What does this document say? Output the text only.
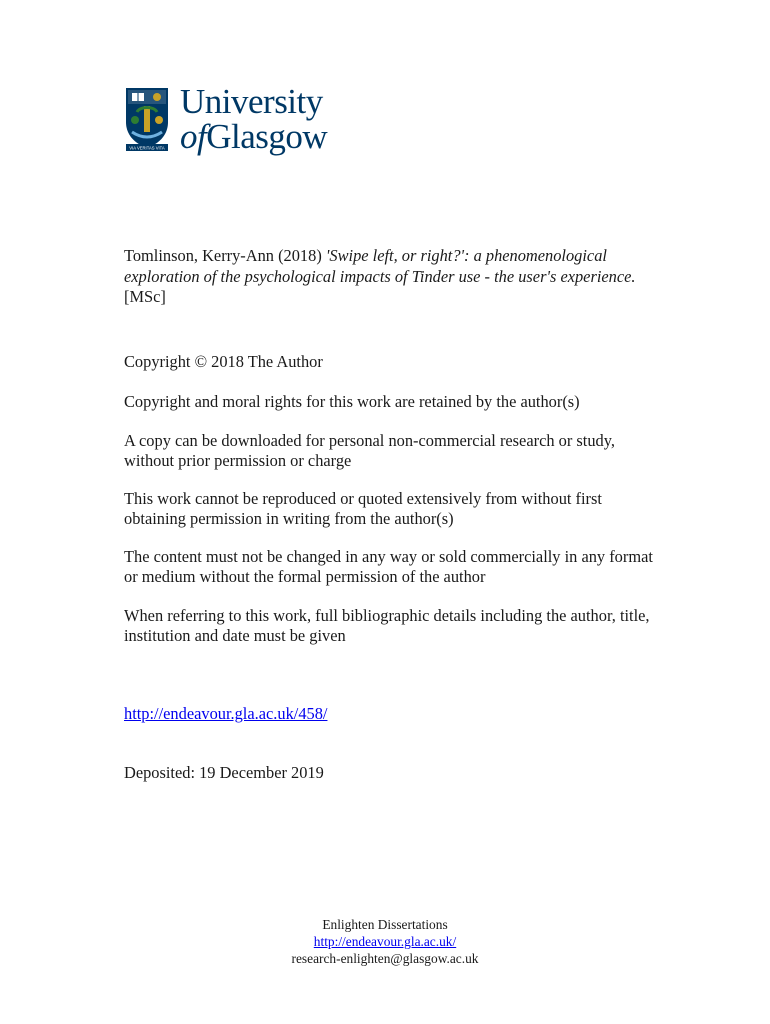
VIA VERITAS VITA
University
ofGlasgow
Tomlinson, Kerry-Ann (2018) 'Swipe left, or right?': a phenomenological exploration of the psychological impacts of Tinder use - the user's experience. [MSc]
Copyright © 2018 The Author
Copyright and moral rights for this work are retained by the author(s)
A copy can be downloaded for personal non-commercial research or study, without prior permission or charge
This work cannot be reproduced or quoted extensively from without first obtaining permission in writing from the author(s)
The content must not be changed in any way or sold commercially in any format or medium without the formal permission of the author
When referring to this work, full bibliographic details including the author, title, institution and date must be given
http://endeavour.gla.ac.uk/458/
Deposited: 19 December 2019
Enlighten Dissertations
http://endeavour.gla.ac.uk/
research-enlighten@glasgow.ac.uk
